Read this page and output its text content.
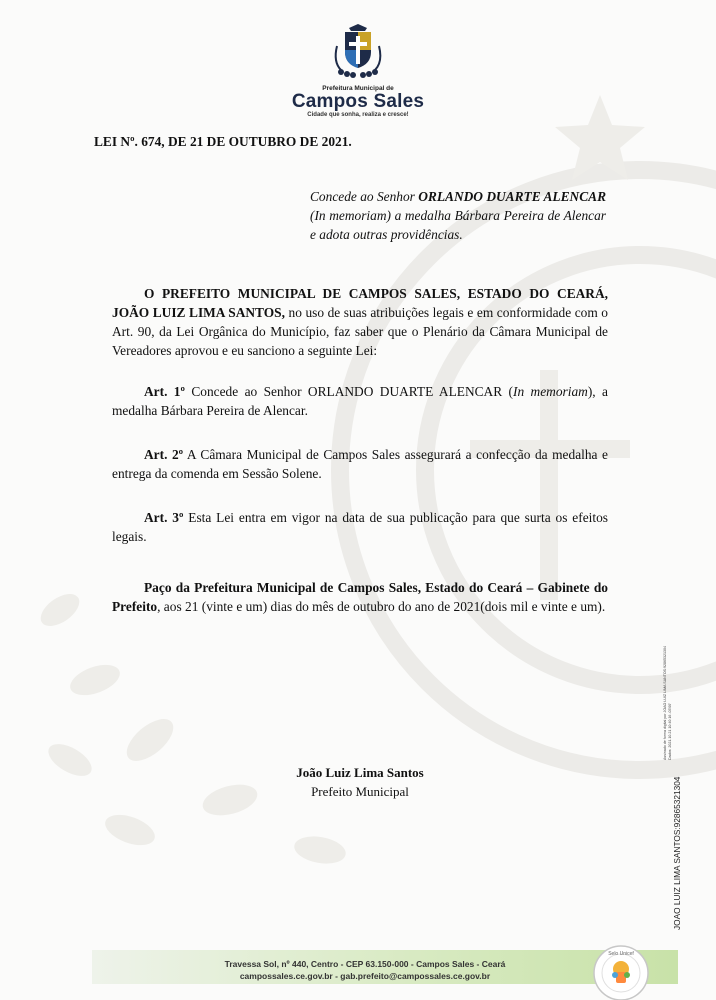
Prefeitura Municipal de
Campos Sales
Cidade que sonha, realiza e cresce!
LEI Nº. 674, DE 21 DE OUTUBRO DE 2021.
Concede ao Senhor ORLANDO DUARTE ALENCAR (In memoriam) a medalha Bárbara Pereira de Alencar e adota outras providências.
O PREFEITO MUNICIPAL DE CAMPOS SALES, ESTADO DO CEARÁ, JOÃO LUIZ LIMA SANTOS, no uso de suas atribuições legais e em conformidade com o Art. 90, da Lei Orgânica do Município, faz saber que o Plenário da Câmara Municipal de Vereadores aprovou e eu sanciono a seguinte Lei:
Art. 1º Concede ao Senhor ORLANDO DUARTE ALENCAR (In memoriam), a medalha Bárbara Pereira de Alencar.
Art. 2º A Câmara Municipal de Campos Sales assegurará a confecção da medalha e entrega da comenda em Sessão Solene.
Art. 3º Esta Lei entra em vigor na data de sua publicação para que surta os efeitos legais.
Paço da Prefeitura Municipal de Campos Sales, Estado do Ceará – Gabinete do Prefeito, aos 21 (vinte e um) dias do mês de outubro do ano de 2021(dois mil e vinte e um).
João Luiz Lima Santos
Prefeito Municipal
Assinado de forma digital por JOAO LUIZ LIMA SANTOS:92865321304 Dados: 2021.10.21 10:40:16 -03'00'
JOAO LUIZ LIMA SANTOS:92865321304
Travessa Sol, nº 440, Centro - CEP 63.150-000 - Campos Sales - Ceará
campossales.ce.gov.br - gab.prefeito@campossales.ce.gov.br
Selo Unicef
